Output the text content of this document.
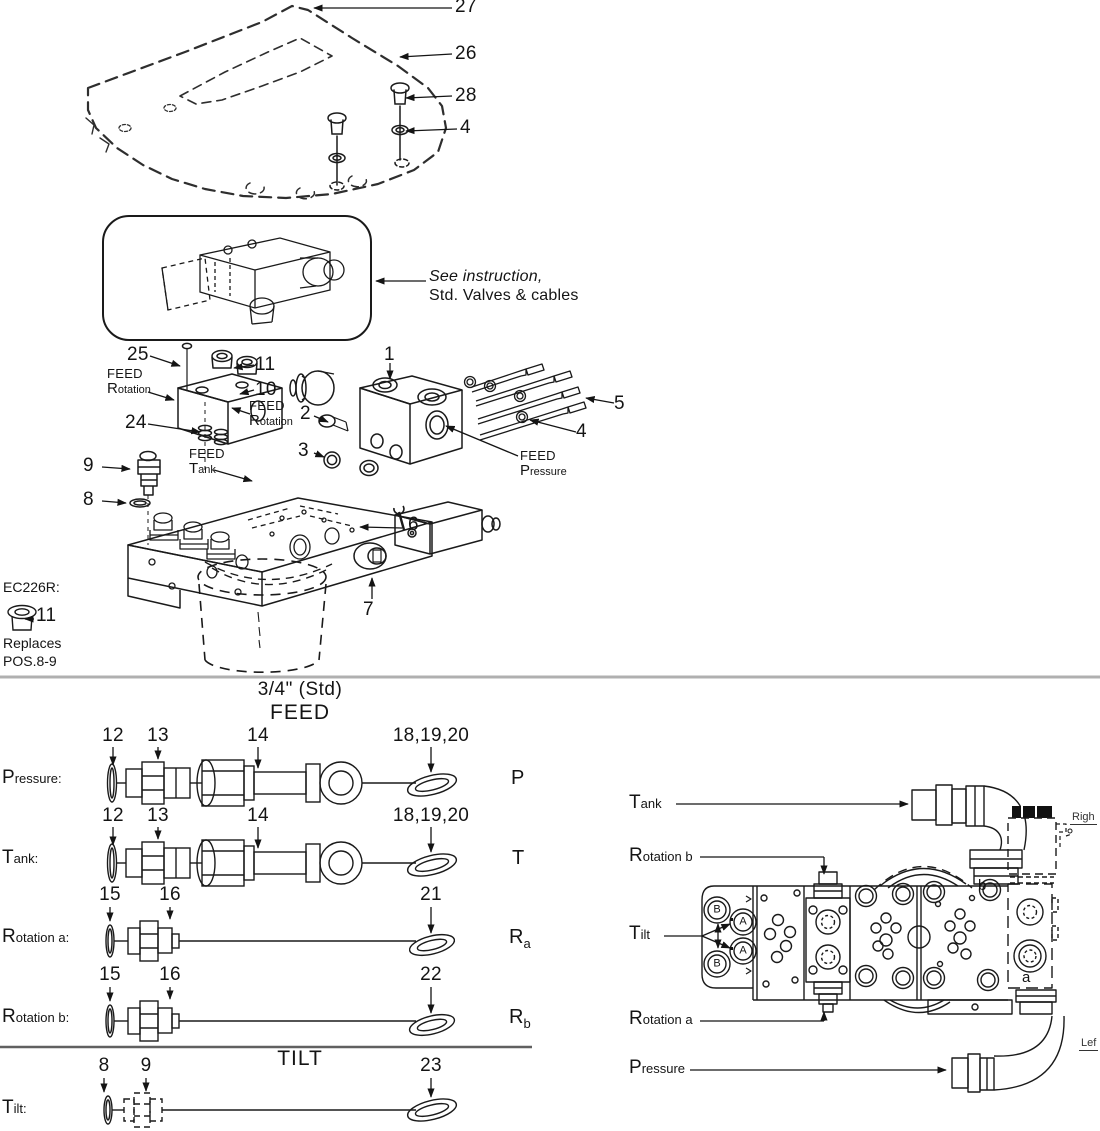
27
26
28
4
See instruction,
Std. Valves & cables
25	11
10
24
1
2
3
5
4
9
8
6
7
FEED
Rotation
FEED
Rotation
FEED
Tank
FEED
Pressure
EC226R:
11
Replaces
POS.8-9
3/4" (Std)
FEED
Pressure:
12 13	14	18,19,20
P
Tank:
12 13	14	18,19,20
T
Rotation a:
15 16	21
$R_a$
Rotation b:
15 16	22
$R_b$
TILT
Tilt:
8 9	23
Tank
Rotation b
Tilt
Rotation a
Pressure
Righ
Lef
B
A
A
B
b
a
